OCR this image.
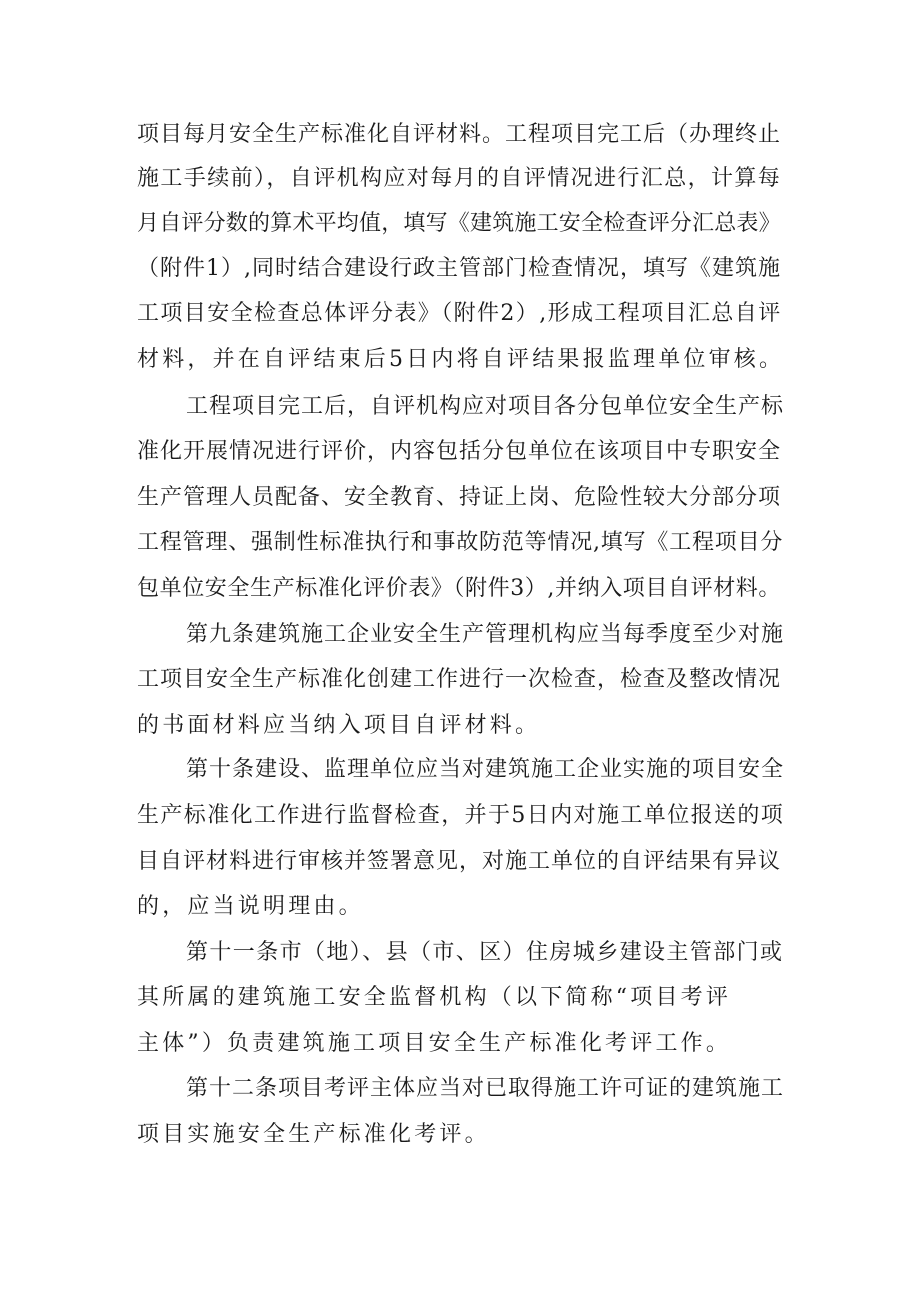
项目每月安全生产标准化自评材料。工程项目完工后（办理终止

施工手续前），自评机构应对每月的自评情况进行汇总，计算每

月自评分数的算术平均值，填写《建筑施工安全检查评分汇总表》

（附件1）,同时结合建设行政主管部门检查情况，填写《建筑施

工项目安全检查总体评分表》（附件2）,形成工程项目汇总自评

材料，并在自评结束后5日内将自评结果报监理单位审核。

工程项目完工后，自评机构应对项目各分包单位安全生产标

准化开展情况进行评价，内容包括分包单位在该项目中专职安全

生产管理人员配备、安全教育、持证上岗、危险性较大分部分项

工程管理、强制性标准执行和事故防范等情况,填写《工程项目分

包单位安全生产标准化评价表》（附件3）,并纳入项目自评材料。

第九条建筑施工企业安全生产管理机构应当每季度至少对施

工项目安全生产标准化创建工作进行一次检查，检查及整改情况

的书面材料应当纳入项目自评材料。

第十条建设、监理单位应当对建筑施工企业实施的项目安全

生产标准化工作进行监督检查，并于5日内对施工单位报送的项

目自评材料进行审核并签署意见，对施工单位的自评结果有异议

的，应当说明理由。

第十一条市（地）、县（市、区）住房城乡建设主管部门或

其所属的建筑施工安全监督机构（以下简称“项目考评

主体”）负责建筑施工项目安全生产标准化考评工作。

第十二条项目考评主体应当对已取得施工许可证的建筑施工

项目实施安全生产标准化考评。
